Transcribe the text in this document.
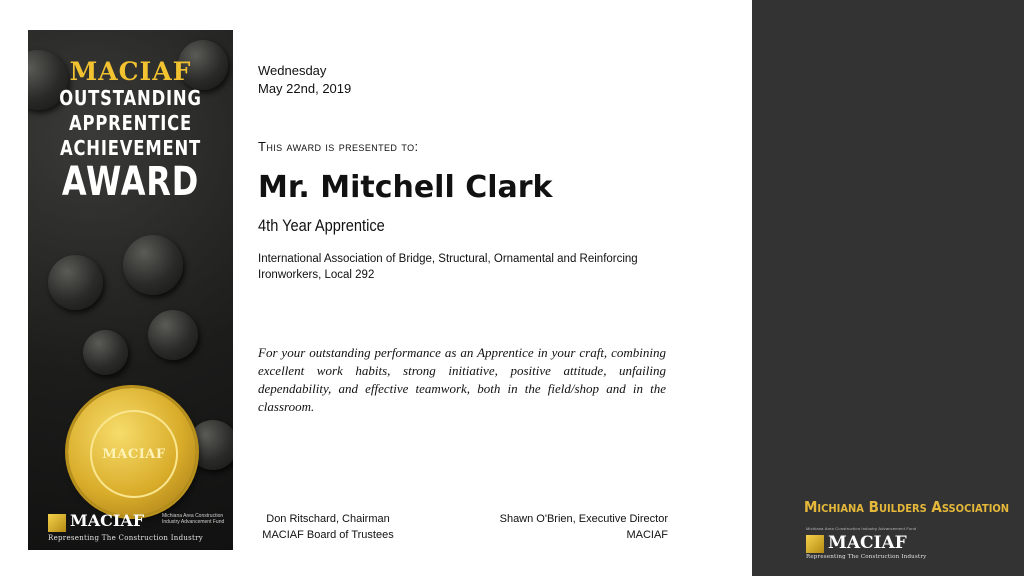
MACIAF
OUTSTANDING
APPRENTICE
ACHIEVEMENT
AWARD
MACIAF
MACIAF	Michiana Area Construction Industry Advancement Fund
Representing The Construction Industry
Wednesday
May 22nd, 2019
This award is presented to:
Mr. Mitchell Clark
4th Year Apprentice
International Association of Bridge, Structural, Ornamental and Reinforcing Ironworkers, Local 292
For your outstanding performance as an Apprentice in your craft, combining excellent work habits, strong initiative, positive attitude, unfailing dependability, and effective teamwork, both in the field/shop and in the classroom.
Don Ritschard, Chairman
MACIAF Board of Trustees
Shawn O'Brien, Executive Director
MACIAF
Michiana Builders Association
Michiana Area Construction Industry Advancement Fund
MACIAF
Representing The Construction Industry
